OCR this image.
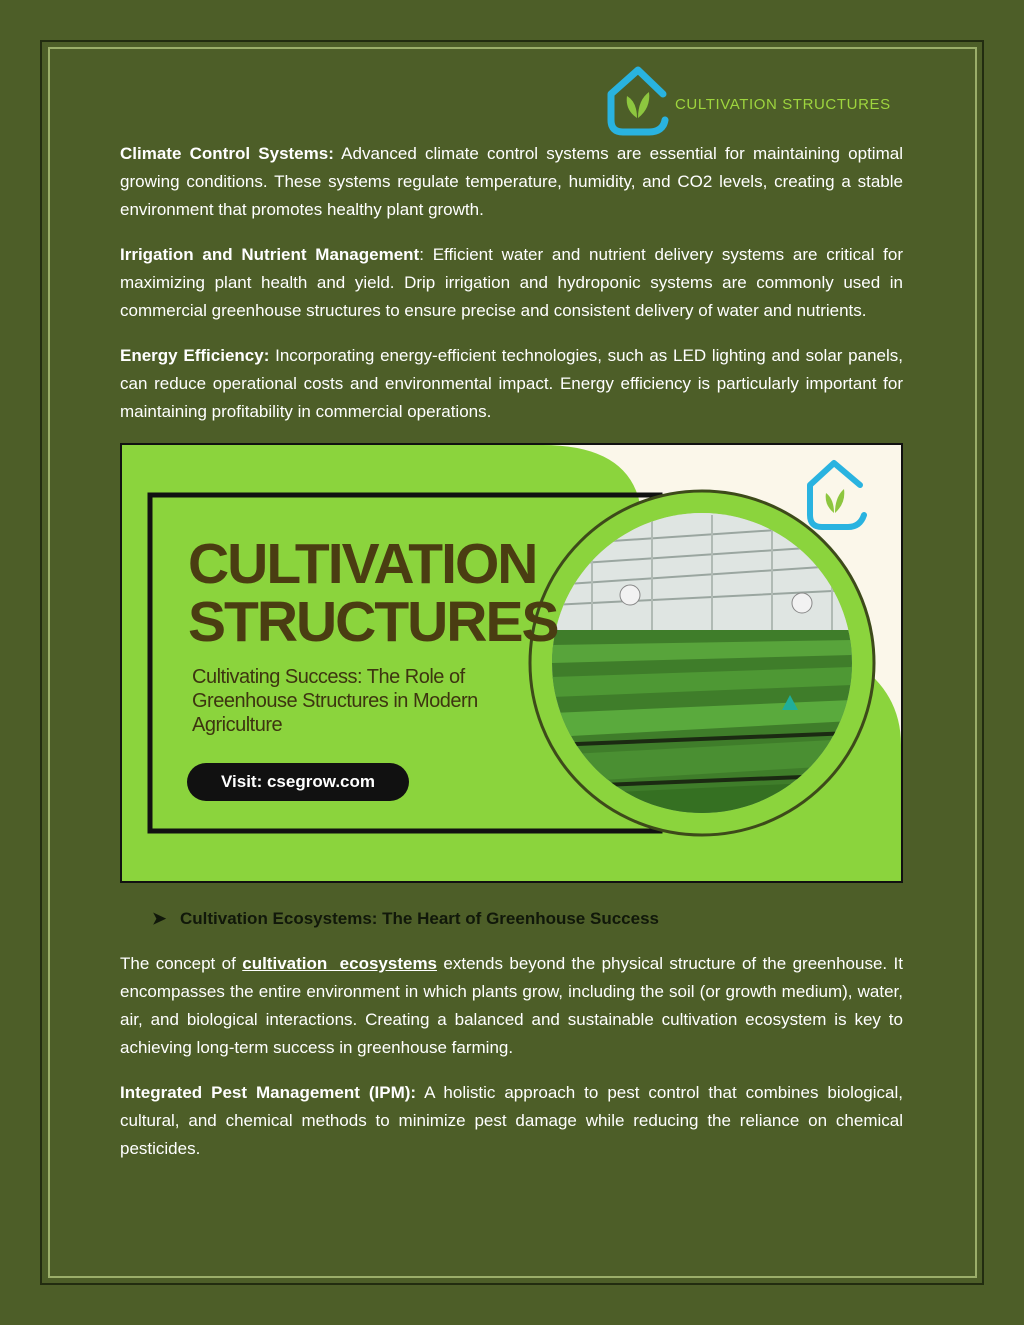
CULTIVATION STRUCTURES

Climate Control Systems: Advanced climate control systems are essential for maintaining optimal growing conditions. These systems regulate temperature, humidity, and CO2 levels, creating a stable environment that promotes healthy plant growth.

Irrigation and Nutrient Management: Efficient water and nutrient delivery systems are critical for maximizing plant health and yield. Drip irrigation and hydroponic systems are commonly used in commercial greenhouse structures to ensure precise and consistent delivery of water and nutrients.

Energy Efficiency: Incorporating energy-efficient technologies, such as LED lighting and solar panels, can reduce operational costs and environmental impact. Energy efficiency is particularly important for maintaining profitability in commercial operations.

CULTIVATION
STRUCTURES
Cultivating Success: The Role of Greenhouse Structures in Modern Agriculture
Visit: csegrow.com
➤ Cultivation Ecosystems: The Heart of Greenhouse Success

The concept of cultivation ecosystems extends beyond the physical structure of the greenhouse. It encompasses the entire environment in which plants grow, including the soil (or growth medium), water, air, and biological interactions. Creating a balanced and sustainable cultivation ecosystem is key to achieving long-term success in greenhouse farming.

Integrated Pest Management (IPM): A holistic approach to pest control that combines biological, cultural, and chemical methods to minimize pest damage while reducing the reliance on chemical pesticides.
